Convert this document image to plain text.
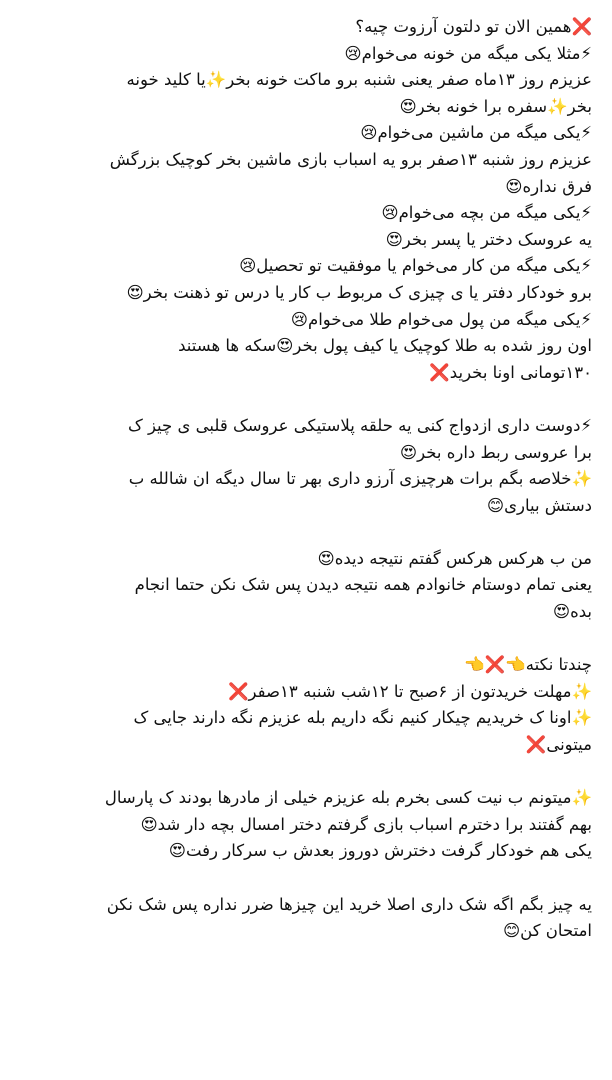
❌همین الان تو دلتون آرزوت چیه؟
⚡مثلا یکی میگه من خونه می‌خوام😢
عزیزم روز ۱۳ماه صفر یعنی شنبه برو ماکت خونه بخر✨یا کلید خونه
بخر✨سفره برا خونه بخر😍
⚡یکی میگه من ماشین می‌خوام😢
عزیزم روز شنبه ۱۳صفر برو یه اسباب بازی ماشین بخر کوچیک بزرگش
فرق نداره😍
⚡یکی میگه من بچه می‌خوام😢
یه عروسک دختر یا پسر بخر😍
⚡یکی میگه من کار می‌خوام یا موفقیت تو تحصیل😢
برو خودکار دفتر یا ی چیزی ک مربوط ب کار یا درس تو ذهنت بخر😍
⚡یکی میگه من پول می‌خوام طلا می‌خوام😢
اون روز شده به طلا کوچیک یا کیف پول بخر😍سکه ها هستند
۱۳۰تومانی اونا بخرید❌
⚡دوست داری ازدواج کنی یه حلقه پلاستیکی عروسک قلبی ی چیز ک
برا عروسی ربط داره بخر😍
✨خلاصه بگم برات هرچیزی آرزو داری بهر تا سال دیگه ان شالله ب
دستش بیاری😊
من ب هرکس هرکس گفتم نتیجه دیده😍
یعنی تمام دوستام خانوادم همه نتیجه دیدن پس شک نکن حتما انجام
بده😍
چندتا نکته👈❌👈
✨مهلت خریدتون از ۶صبح تا ۱۲شب شنبه ۱۳صفر❌
✨اونا ک خریدیم چیکار کنیم نگه داریم بله عزیزم نگه دارند جایی ک
میتونی❌
✨میتونم ب نیت کسی بخرم بله عزیزم خیلی از مادرها بودند ک پارسال
بهم گفتند برا دخترم اسباب بازی گرفتم دختر امسال بچه دار شد😍
یکی هم خودکار گرفت دخترش دوروز بعدش ب سرکار رفت😍
یه چیز بگم اگه شک داری اصلا خرید این چیزها ضرر نداره پس شک نکن
امتحان کن😊
